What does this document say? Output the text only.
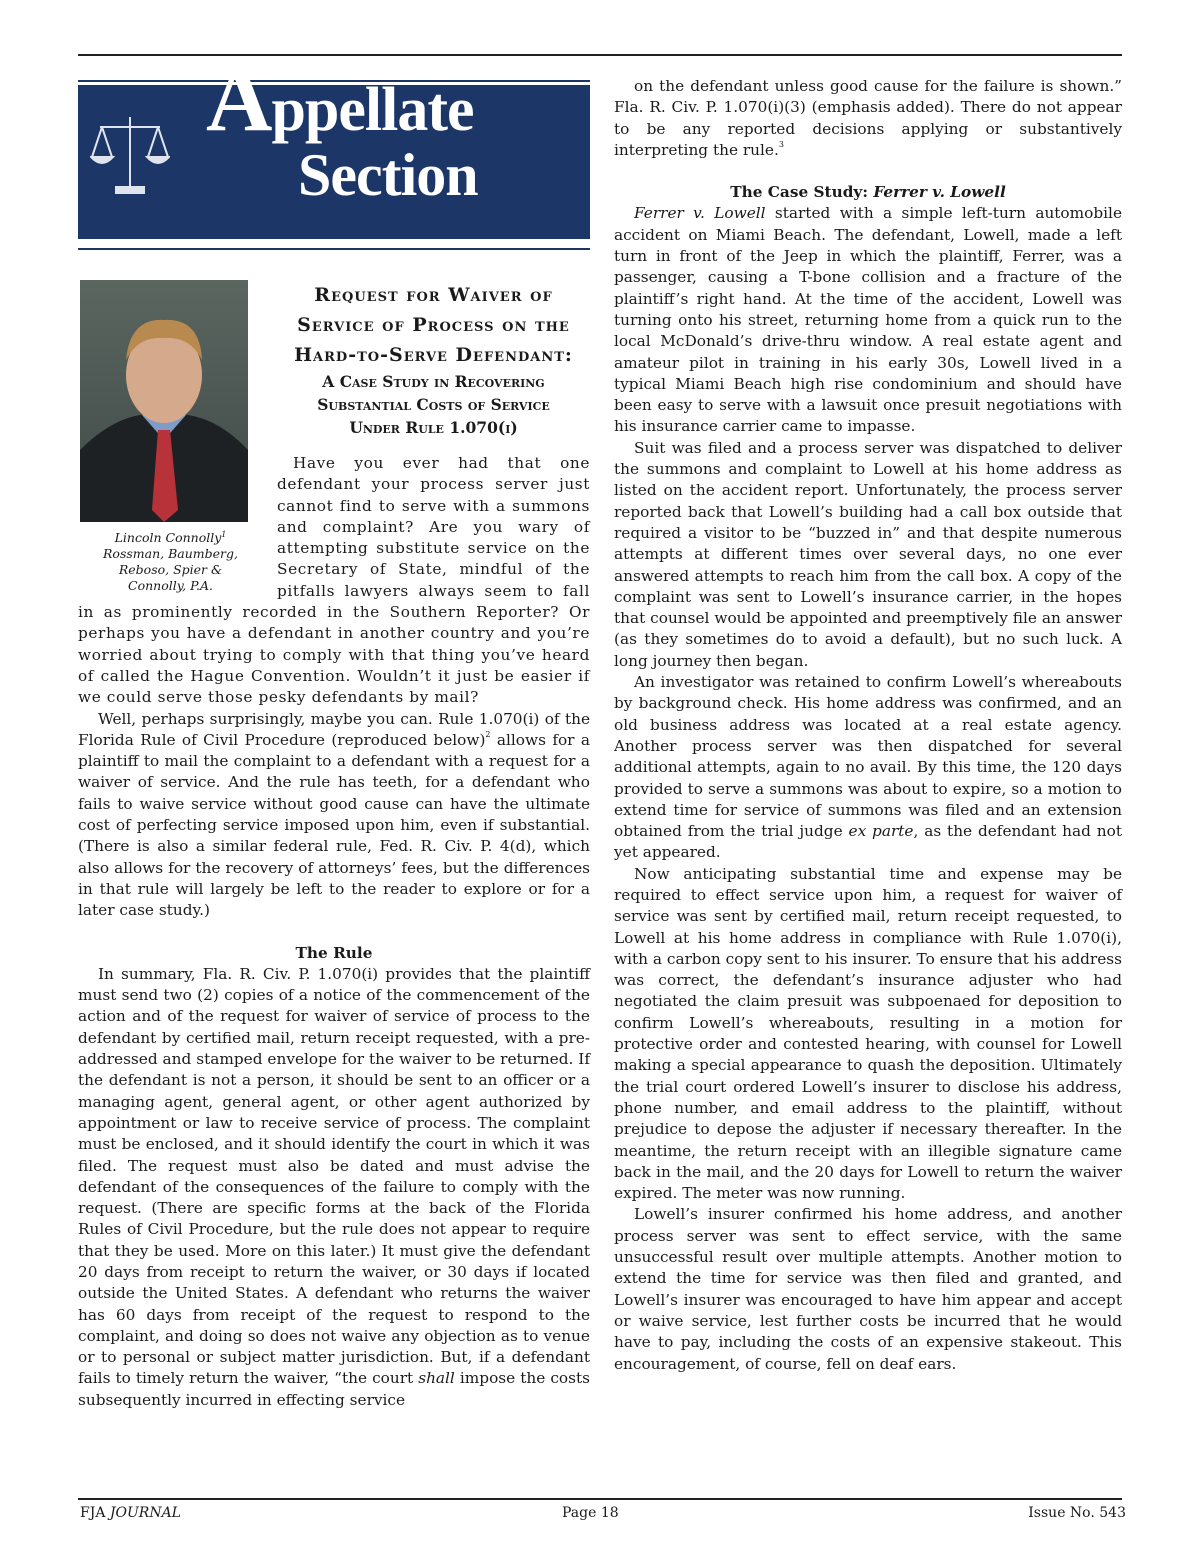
Appellate
Section
Lincoln Connolly$^1$
Rossman, Baumberg,
Reboso, Spier &
Connolly, P.A.
Request for Waiver of
Service of Process on the
Hard-to-Serve Defendant:
A Case Study in Recovering
Substantial Costs of Service
Under Rule 1.070(i)

Have you ever had that one defendant your process server just cannot find to serve with a summons and complaint? Are you wary of attempting substitute service on the Secretary of State, mindful of the pitfalls lawyers always seem to fall in as prominently recorded in the Southern Reporter? Or perhaps you have a defendant in another country and you’re worried about trying to comply with that thing you’ve heard of called the Hague Convention. Wouldn’t it just be easier if we could serve those pesky defendants by mail?

Well, perhaps surprisingly, maybe you can. Rule 1.070(i) of the Florida Rule of Civil Procedure (reproduced below)$^2$ allows for a plaintiff to mail the complaint to a defendant with a request for a waiver of service. And the rule has teeth, for a defendant who fails to waive service without good cause can have the ultimate cost of perfecting service imposed upon him, even if substantial. (There is also a similar federal rule, Fed. R. Civ. P. 4(d), which also allows for the recovery of attorneys’ fees, but the differences in that rule will largely be left to the reader to explore or for a later case study.)

The Rule

In summary, Fla. R. Civ. P. 1.070(i) provides that the plaintiff must send two (2) copies of a notice of the commencement of the action and of the request for waiver of service of process to the defendant by certified mail, return receipt requested, with a pre-addressed and stamped envelope for the waiver to be returned. If the defendant is not a person, it should be sent to an officer or a managing agent, general agent, or other agent authorized by appointment or law to receive service of process. The complaint must be enclosed, and it should identify the court in which it was filed. The request must also be dated and must advise the defendant of the consequences of the failure to comply with the request. (There are specific forms at the back of the Florida Rules of Civil Procedure, but the rule does not appear to require that they be used. More on this later.) It must give the defendant 20 days from receipt to return the waiver, or 30 days if located outside the United States. A defendant who returns the waiver has 60 days from receipt of the request to respond to the complaint, and doing so does not waive any objection as to venue or to personal or subject matter jurisdiction. But, if a defendant fails to timely return the waiver, “the court shall impose the costs subsequently incurred in effecting service

on the defendant unless good cause for the failure is shown.” Fla. R. Civ. P. 1.070(i)(3) (emphasis added). There do not appear to be any reported decisions applying or substantively interpreting the rule.$^3$

The Case Study: Ferrer v. Lowell

Ferrer v. Lowell started with a simple left-turn automobile accident on Miami Beach. The defendant, Lowell, made a left turn in front of the Jeep in which the plaintiff, Ferrer, was a passenger, causing a T-bone collision and a fracture of the plaintiff’s right hand. At the time of the accident, Lowell was turning onto his street, returning home from a quick run to the local McDonald’s drive-thru window. A real estate agent and amateur pilot in training in his early 30s, Lowell lived in a typical Miami Beach high rise condominium and should have been easy to serve with a lawsuit once presuit negotiations with his insurance carrier came to impasse.

Suit was filed and a process server was dispatched to deliver the summons and complaint to Lowell at his home address as listed on the accident report. Unfortunately, the process server reported back that Lowell’s building had a call box outside that required a visitor to be “buzzed in” and that despite numerous attempts at different times over several days, no one ever answered attempts to reach him from the call box. A copy of the complaint was sent to Lowell’s insurance carrier, in the hopes that counsel would be appointed and preemptively file an answer (as they sometimes do to avoid a default), but no such luck. A long journey then began.

An investigator was retained to confirm Lowell’s whereabouts by background check. His home address was confirmed, and an old business address was located at a real estate agency. Another process server was then dispatched for several additional attempts, again to no avail. By this time, the 120 days provided to serve a summons was about to expire, so a motion to extend time for service of summons was filed and an extension obtained from the trial judge ex parte, as the defendant had not yet appeared.

Now anticipating substantial time and expense may be required to effect service upon him, a request for waiver of service was sent by certified mail, return receipt requested, to Lowell at his home address in compliance with Rule 1.070(i), with a carbon copy sent to his insurer. To ensure that his address was correct, the defendant’s insurance adjuster who had negotiated the claim presuit was subpoenaed for deposition to confirm Lowell’s whereabouts, resulting in a motion for protective order and contested hearing, with counsel for Lowell making a special appearance to quash the deposition. Ultimately the trial court ordered Lowell’s insurer to disclose his address, phone number, and email address to the plaintiff, without prejudice to depose the adjuster if necessary thereafter. In the meantime, the return receipt with an illegible signature came back in the mail, and the 20 days for Lowell to return the waiver expired. The meter was now running.

Lowell’s insurer confirmed his home address, and another process server was sent to effect service, with the same unsuccessful result over multiple attempts. Another motion to extend the time for service was then filed and granted, and Lowell’s insurer was encouraged to have him appear and accept or waive service, lest further costs be incurred that he would have to pay, including the costs of an expensive stakeout. This encouragement, of course, fell on deaf ears.

FJA JOURNAL	Page 18	Issue No. 543
